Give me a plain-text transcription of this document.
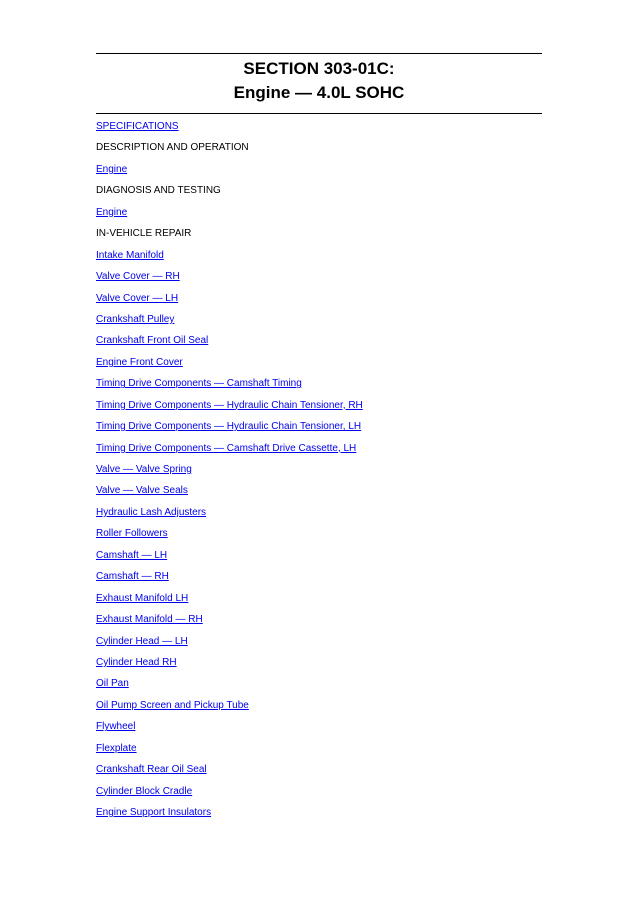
SECTION 303-01C:

Engine — 4.0L SOHC

SPECIFICATIONS
DESCRIPTION AND OPERATION
Engine
DIAGNOSIS AND TESTING
Engine
IN-VEHICLE REPAIR
Intake Manifold
Valve Cover — RH
Valve Cover — LH
Crankshaft Pulley
Crankshaft Front Oil Seal
Engine Front Cover
Timing Drive Components — Camshaft Timing
Timing Drive Components — Hydraulic Chain Tensioner, RH
Timing Drive Components — Hydraulic Chain Tensioner, LH
Timing Drive Components — Camshaft Drive Cassette, LH
Valve — Valve Spring
Valve — Valve Seals
Hydraulic Lash Adjusters
Roller Followers
Camshaft — LH
Camshaft — RH
Exhaust Manifold LH
Exhaust Manifold — RH
Cylinder Head — LH
Cylinder Head RH
Oil Pan
Oil Pump Screen and Pickup Tube
Flywheel
Flexplate
Crankshaft Rear Oil Seal
Cylinder Block Cradle
Engine Support Insulators
